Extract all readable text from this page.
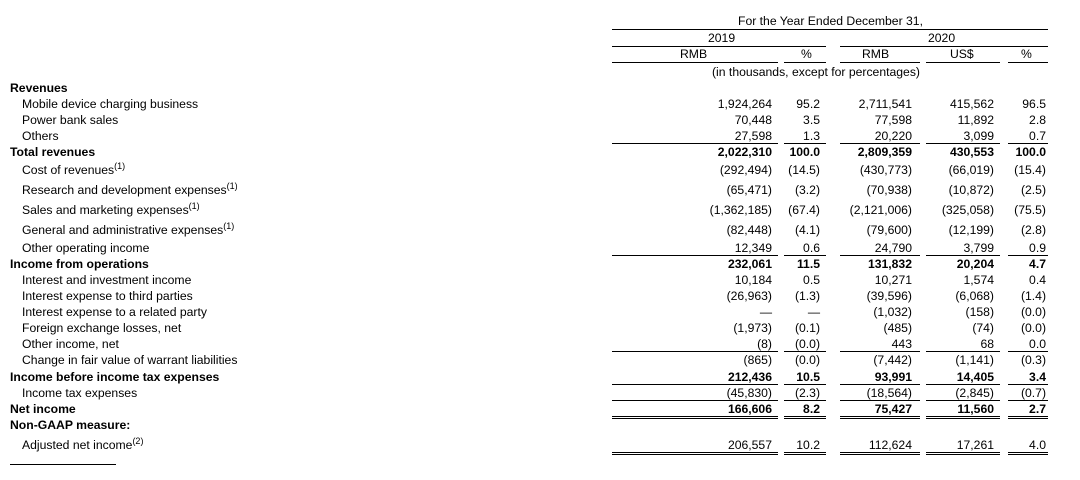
For the Year Ended December 31,
2019	2020
RMB	%	RMB	US$	%
(in thousands, except for percentages)
Revenues
Mobile device charging business	1,924,264 95.2	2,711,541	415,562 96.5
Power bank sales	70,448	3.5	77,598	11,892	2.8
Others	27,598	1.3	20,220	3,099	0.7
Total revenues	2,022,310 100.0	2,809,359	430,553 100.0
Cost of revenues$^{(1)}$	(292,494) (14.5)	(430,773)	(66,019) (15.4)
Research and development expenses$^{(1)}$	(65,471) (3.2)	(70,938)	(10,872) (2.5)
Sales and marketing expenses$^{(1)}$	(1,362,185) (67.4) (2,121,006) (325,058) (75.5)
General and administrative expenses$^{(1)}$	(82,448) (4.1)	(79,600)	(12,199) (2.8)
Other operating income	12,349	0.6	24,790	3,799	0.9
Income from operations	232,061 11.5	131,832	20,204	4.7
Interest and investment income	10,184	0.5	10,271	1,574	0.4
Interest expense to third parties	(26,963) (1.3)	(39,596)	(6,068) (1.4)
Interest expense to a related party	—	—	(1,032)	(158) (0.0)
Foreign exchange losses, net	(1,973) (0.1)	(485)	(74) (0.0)
Other income, net	(8) (0.0)	443	68	0.0
Change in fair value of warrant liabilities	(865) (0.0)	(7,442)	(1,141) (0.3)
Income before income tax expenses	212,436 10.5	93,991	14,405	3.4
Income tax expenses	(45,830) (2.3)	(18,564)	(2,845) (0.7)
Net income	166,606	8.2	75,427	11,560	2.7
Non-GAAP measure:
Adjusted net income$^{(2)}$	206,557 10.2	112,624	17,261	4.0
